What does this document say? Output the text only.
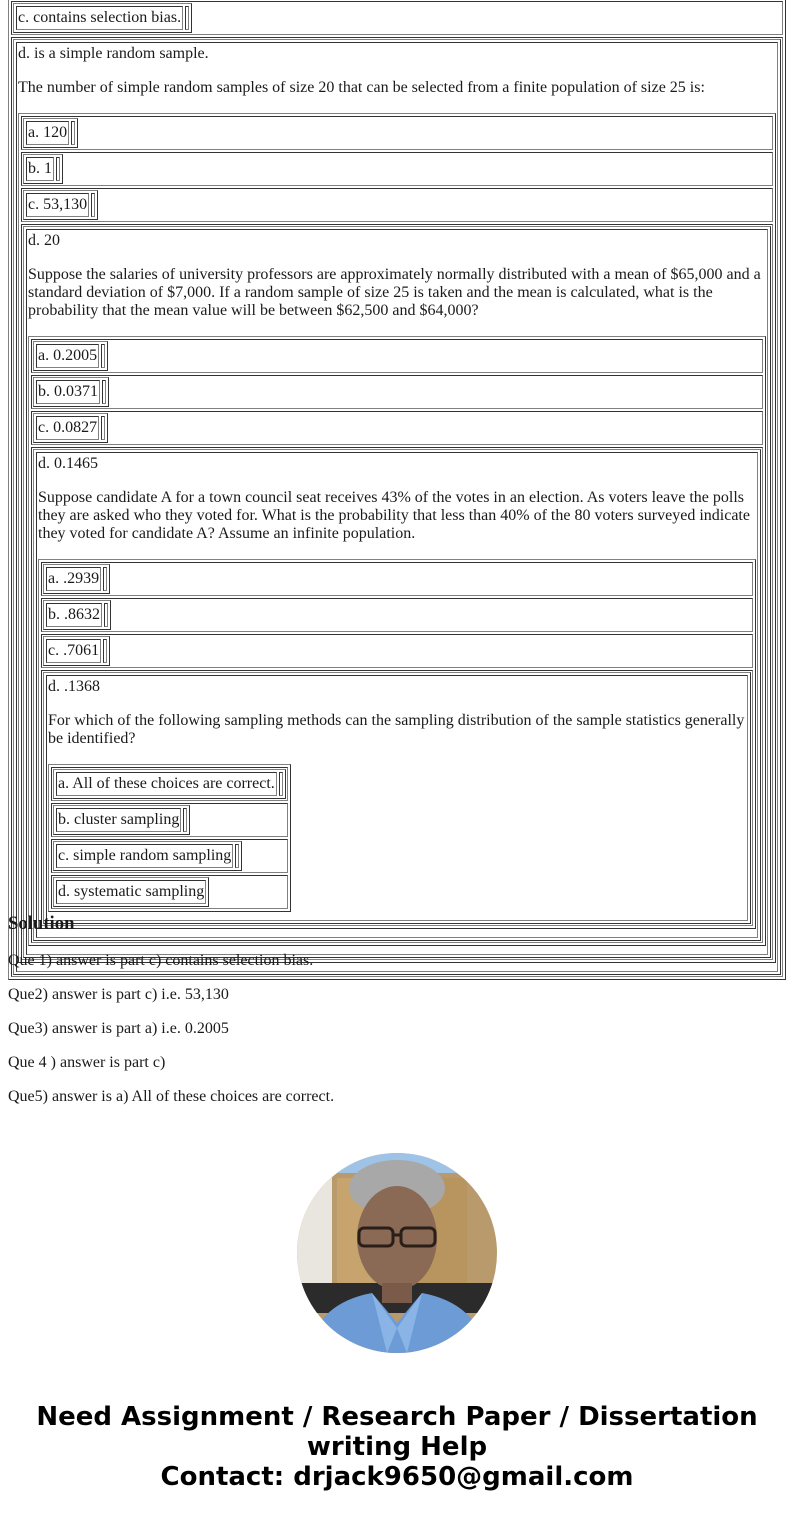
c. contains selection bias.	

d. is a simple random sample.

The number of simple random samples of size 20 that can be selected from a finite population of size 25 is:

a. 120	
b. 1	
c. 53,130	

d. 20

Suppose the salaries of university professors are approximately normally distributed with a mean of $65,000 and a standard deviation of $7,000. If a random sample of size 25 is taken and the mean is calculated, what is the probability that the mean value will be between $62,500 and $64,000?

a. 0.2005	
b. 0.0371	
c. 0.0827	

d. 0.1465

Suppose candidate A for a town council seat receives 43% of the votes in an election. As voters leave the polls they are asked who they voted for. What is the probability that less than 40% of the 80 voters surveyed indicate they voted for candidate A? Assume an infinite population.

a. .2939	
b. .8632	
c. .7061	

d. .1368

For which of the following sampling methods can the sampling distribution of the sample statistics generally be identified?

a. All of these choices are correct.	
b. cluster sampling	
c. simple random sampling	
d. systematic sampling
Solution

Que 1) answer is part c) contains selection bias.

Que2) answer is part c) i.e. 53,130

Que3) answer is part a) i.e. 0.2005

Que 4 ) answer is part c)

Que5) answer is a) All of these choices are correct.

Need Assignment / Research Paper / Dissertation
writing Help
Contact: drjack9650@gmail.com
